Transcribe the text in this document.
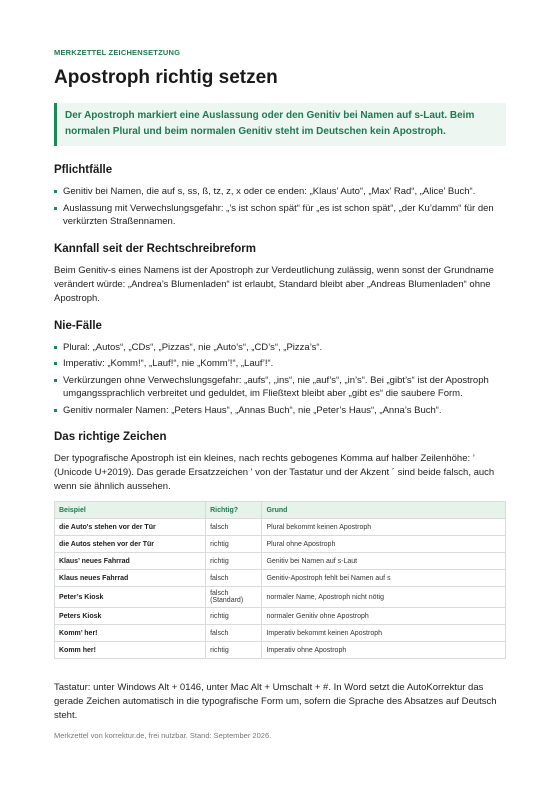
MERKZETTEL ZEICHENSETZUNG
Apostroph richtig setzen
Der Apostroph markiert eine Auslassung oder den Genitiv bei Namen auf s-Laut. Beim normalen Plural und beim normalen Genitiv steht im Deutschen kein Apostroph.
Pflichtfälle
Genitiv bei Namen, die auf s, ss, ß, tz, z, x oder ce enden: „Klaus’ Auto“, „Max’ Rad“, „Alice’ Buch“.
Auslassung mit Verwechslungsgefahr: „’s ist schon spät“ für „es ist schon spät“, „der Ku’damm“ für den verkürzten Straßennamen.
Kannfall seit der Rechtschreibreform

Beim Genitiv-s eines Namens ist der Apostroph zur Verdeutlichung zulässig, wenn sonst der Grundname verändert würde: „Andrea’s Blumenladen“ ist erlaubt, Standard bleibt aber „Andreas Blumenladen“ ohne Apostroph.

Nie-Fälle
Plural: „Autos“, „CDs“, „Pizzas“, nie „Auto’s“, „CD’s“, „Pizza’s“.
Imperativ: „Komm!“, „Lauf!“, nie „Komm’!“, „Lauf’!“.
Verkürzungen ohne Verwechslungsgefahr: „aufs“, „ins“, nie „auf’s“, „in’s“. Bei „gibt’s“ ist der Apostroph umgangssprachlich verbreitet und geduldet, im Fließtext bleibt aber „gibt es“ die saubere Form.
Genitiv normaler Namen: „Peters Haus“, „Annas Buch“, nie „Peter’s Haus“, „Anna’s Buch“.
Das richtige Zeichen

Der typografische Apostroph ist ein kleines, nach rechts gebogenes Komma auf halber Zeilenhöhe: ’ (Unicode U+2019). Das gerade Ersatzzeichen ' von der Tastatur und der Akzent ´ sind beide falsch, auch wenn sie ähnlich aussehen.

Beispiel	Richtig?	Grund
die Auto's stehen vor der Tür	falsch	Plural bekommt keinen Apostroph
die Autos stehen vor der Tür	richtig	Plural ohne Apostroph
Klaus’ neues Fahrrad	richtig	Genitiv bei Namen auf s-Laut
Klaus neues Fahrrad	falsch	Genitiv-Apostroph fehlt bei Namen auf s
Peter’s Kiosk	falsch (Standard)	normaler Name, Apostroph nicht nötig
Peters Kiosk	richtig	normaler Genitiv ohne Apostroph
Komm’ her!	falsch	Imperativ bekommt keinen Apostroph
Komm her!	richtig	Imperativ ohne Apostroph

Tastatur: unter Windows Alt + 0146, unter Mac Alt + Umschalt + #. In Word setzt die AutoKorrektur das gerade Zeichen automatisch in die typografische Form um, sofern die Sprache des Absatzes auf Deutsch steht.

Merkzettel von korrektur.de, frei nutzbar. Stand: September 2026.
